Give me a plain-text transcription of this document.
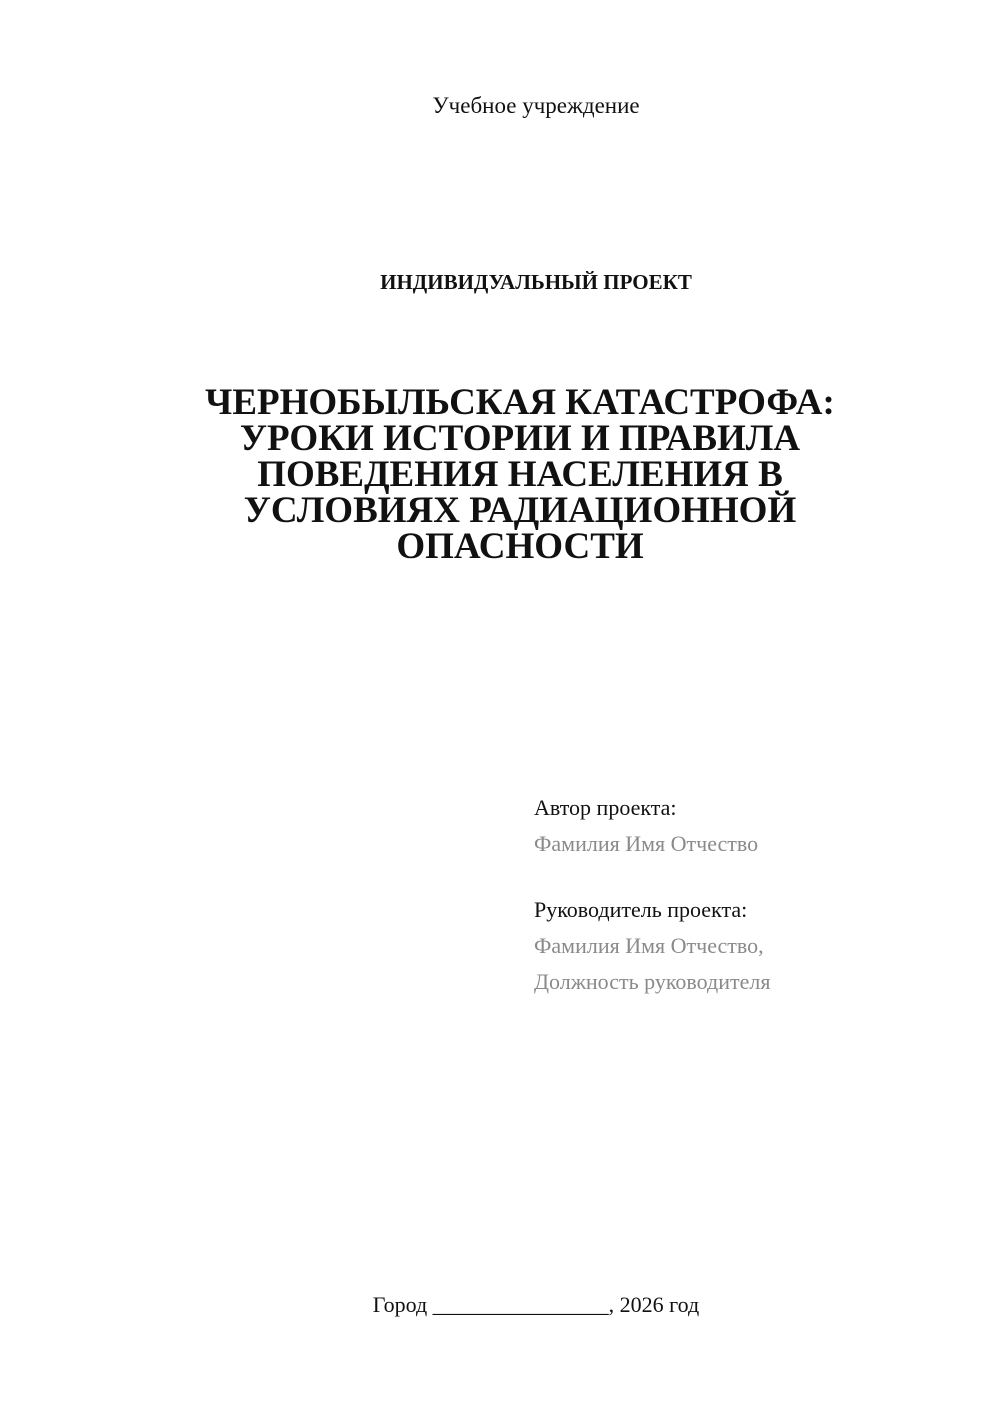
Учебное учреждение
ИНДИВИДУАЛЬНЫЙ ПРОЕКТ
ЧЕРНОБЫЛЬСКАЯ КАТАСТРОФА:
УРОКИ ИСТОРИИ И ПРАВИЛА
ПОВЕДЕНИЯ НАСЕЛЕНИЯ В
УСЛОВИЯХ РАДИАЦИОННОЙ
ОПАСНОСТИ
Автор проекта:
Фамилия Имя Отчество
Руководитель проекта:
Фамилия Имя Отчество,
Должность руководителя
Город ________________, 2026 год
